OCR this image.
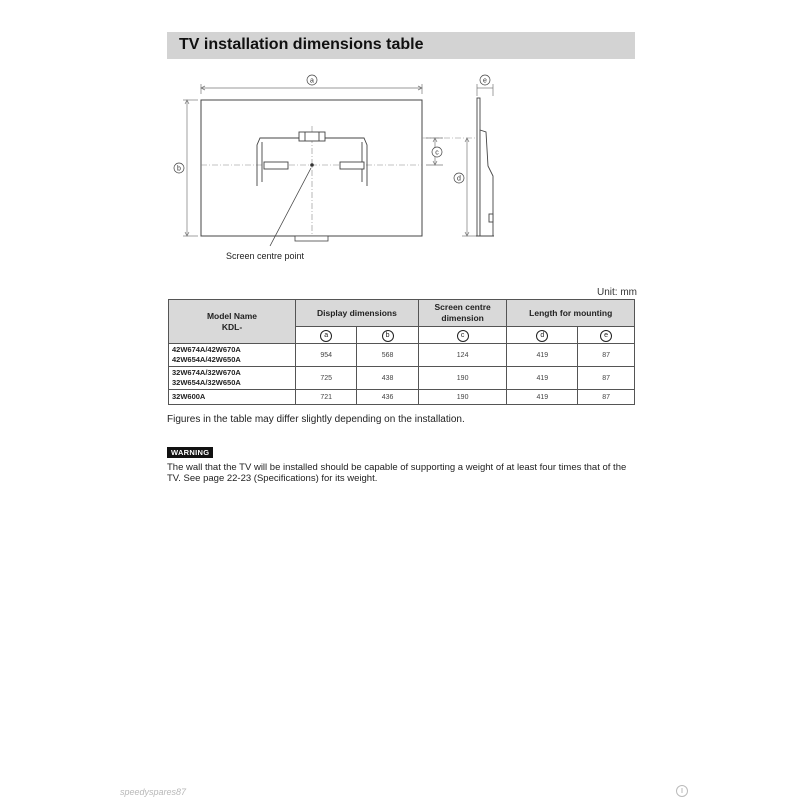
TV installation dimensions table
a
b
Screen centre point
c
d
e
Unit: mm
Model Name
KDL-	Display dimensions		Screen centre
dimension	Length for mounting	
	a	b	c	d	e
42W674A/42W670A
42W654A/42W650A	954	568	124	419	87
32W674A/32W670A
32W654A/32W650A	725	438	190	419	87
32W600A	721	436	190	419	87
Figures in the table may differ slightly depending on the installation.
WARNING
The wall that the TV will be installed should be capable of supporting a weight of at least four times that of the TV. See page 22-23 (Specifications) for its weight.
speedyspares87
